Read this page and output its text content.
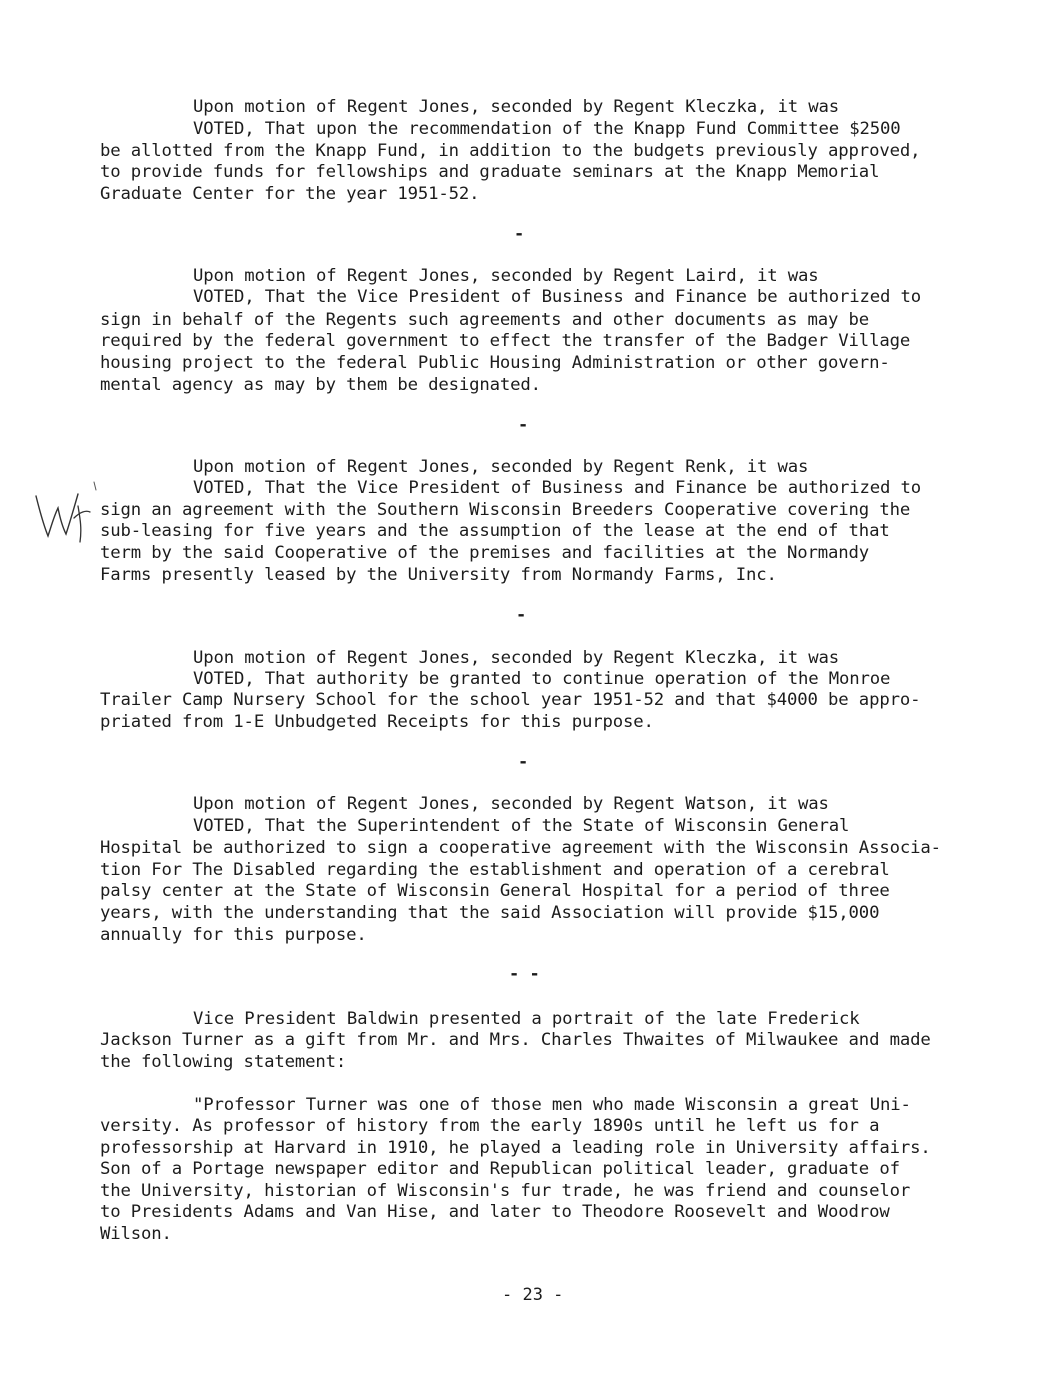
Upon motion of Regent Jones, seconded by Regent Kleczka, it was
VOTED, That upon the recommendation of the Knapp Fund Committee $2500
be allotted from the Knapp Fund, in addition to the budgets previously approved,
to provide funds for fellowships and graduate seminars at the Knapp Memorial
Graduate Center for the year 1951-52.
-
Upon motion of Regent Jones, seconded by Regent Laird, it was
VOTED, That the Vice President of Business and Finance be authorized to
sign in behalf of the Regents such agreements and other documents as may be
required by the federal government to effect the transfer of the Badger Village
housing project to the federal Public Housing Administration or other govern-
mental agency as may by them be designated.
-
Upon motion of Regent Jones, seconded by Regent Renk, it was
VOTED, That the Vice President of Business and Finance be authorized to
sign an agreement with the Southern Wisconsin Breeders Cooperative covering the
sub-leasing for five years and the assumption of the lease at the end of that
term by the said Cooperative of the premises and facilities at the Normandy
Farms presently leased by the University from Normandy Farms, Inc.
-
Upon motion of Regent Jones, seconded by Regent Kleczka, it was
VOTED, That authority be granted to continue operation of the Monroe
Trailer Camp Nursery School for the school year 1951-52 and that $4000 be appro-
priated from 1-E Unbudgeted Receipts for this purpose.
-
Upon motion of Regent Jones, seconded by Regent Watson, it was
VOTED, That the Superintendent of the State of Wisconsin General
Hospital be authorized to sign a cooperative agreement with the Wisconsin Associa-
tion For The Disabled regarding the establishment and operation of a cerebral
palsy center at the State of Wisconsin General Hospital for a period of three
years, with the understanding that the said Association will provide $15,000
annually for this purpose.
- -
Vice President Baldwin presented a portrait of the late Frederick
Jackson Turner as a gift from Mr. and Mrs. Charles Thwaites of Milwaukee and made
the following statement:
"Professor Turner was one of those men who made Wisconsin a great Uni-
versity. As professor of history from the early 1890s until he left us for a
professorship at Harvard in 1910, he played a leading role in University affairs.
Son of a Portage newspaper editor and Republican political leader, graduate of
the University, historian of Wisconsin's fur trade, he was friend and counselor
to Presidents Adams and Van Hise, and later to Theodore Roosevelt and Woodrow
Wilson.
- 23 -
